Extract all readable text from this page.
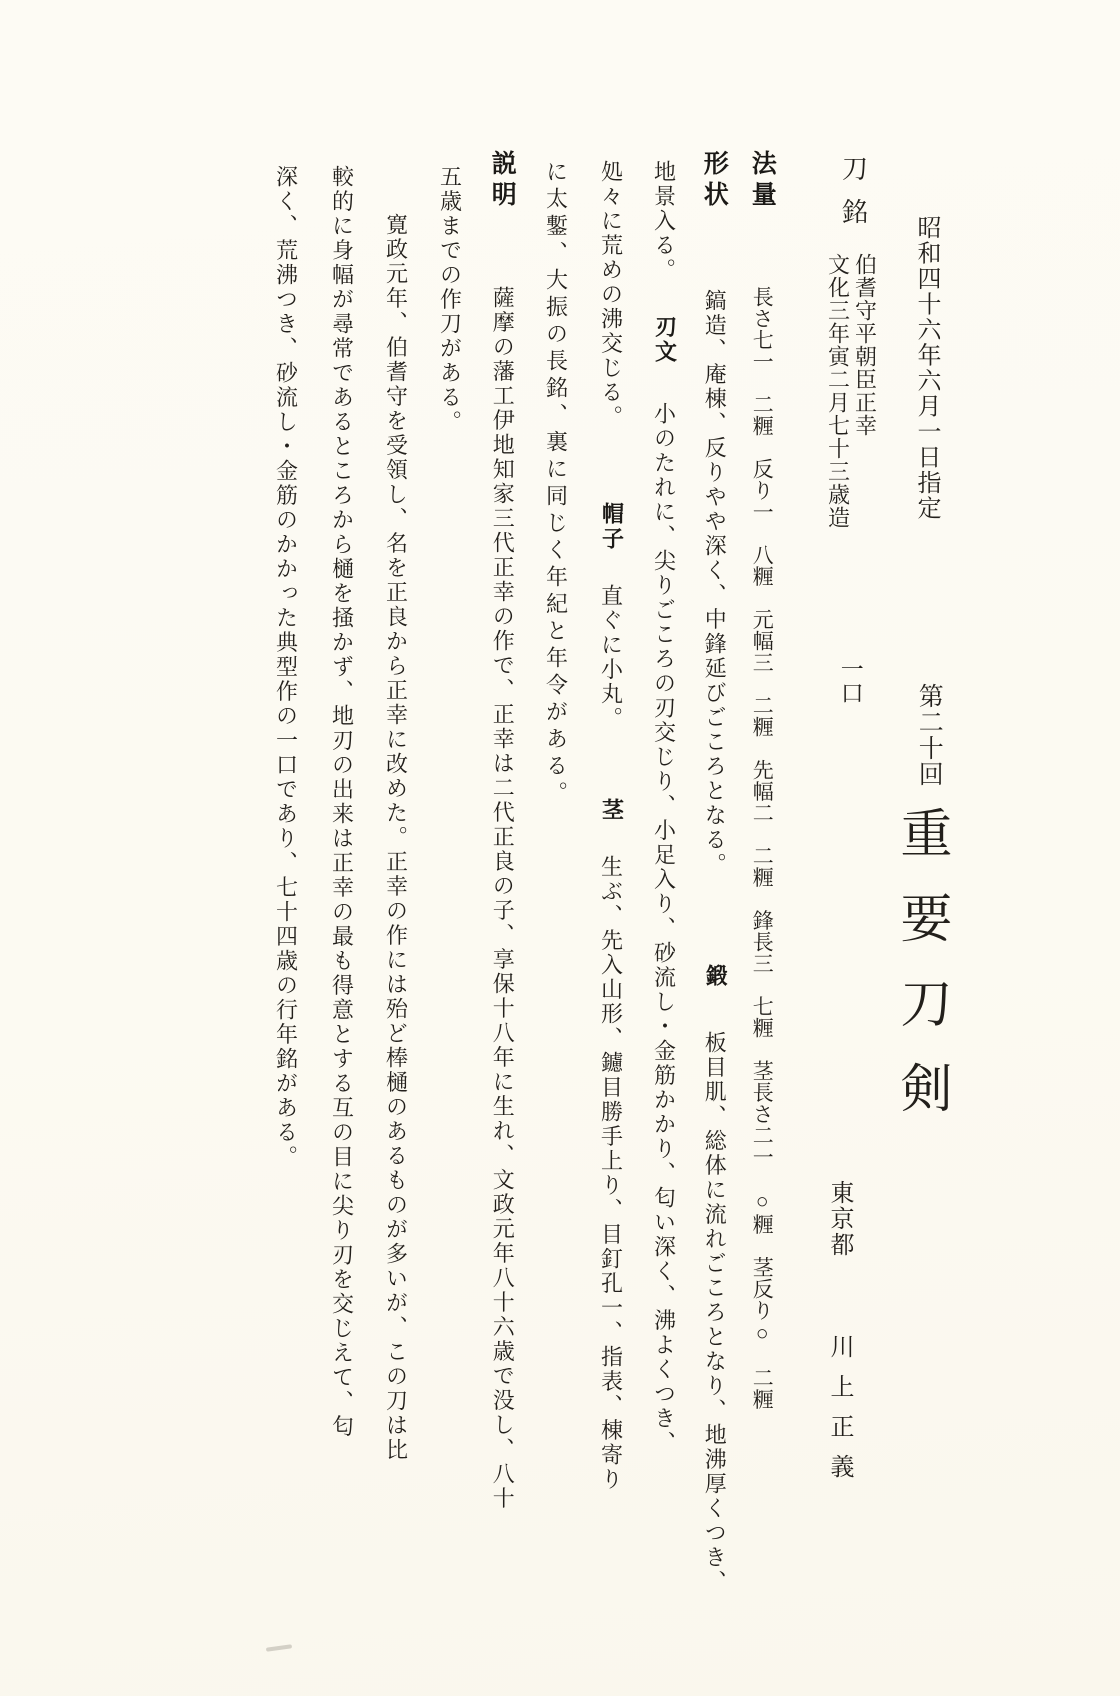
昭和四十六年六月一日指定
第二十回
重要刀剣
刀銘
伯耆守平朝臣正幸
文化三年寅二月七十三歳造
一口
東京都 川上正義
法量 長さ七一　二糎　反り一　八糎　元幅三　二糎　先幅二　二糎　鋒長三　七糎　茎長さ二一　○糎　茎反り○　二糎
形状 鎬造、庵棟、反りやや深く、中鋒延びごころとなる。 鍛 板目肌、総体に流れごころとなり、地沸厚くつき、
地景入る。 刃文 小のたれに、尖りごころの刃交じり、小足入り、砂流し・金筋かかり、匂い深く、沸よくつき、
処々に荒めの沸交じる。 帽子 直ぐに小丸。 茎 生ぶ、先入山形、鑢目勝手上り、目釘孔一、指表、棟寄り
に太鏨、大振の長銘、裏に同じく年紀と年令がある。
説明 薩摩の藩工伊地知家三代正幸の作で、正幸は二代正良の子、享保十八年に生れ、文政元年八十六歳で没し、八十
五歳までの作刀がある。
寛政元年、伯耆守を受領し、名を正良から正幸に改めた。正幸の作には殆ど棒樋のあるものが多いが、この刀は比
較的に身幅が尋常であるところから樋を掻かず、地刃の出来は正幸の最も得意とする互の目に尖り刃を交じえて、匂
深く、荒沸つき、砂流し・金筋のかかった典型作の一口であり、七十四歳の行年銘がある。
